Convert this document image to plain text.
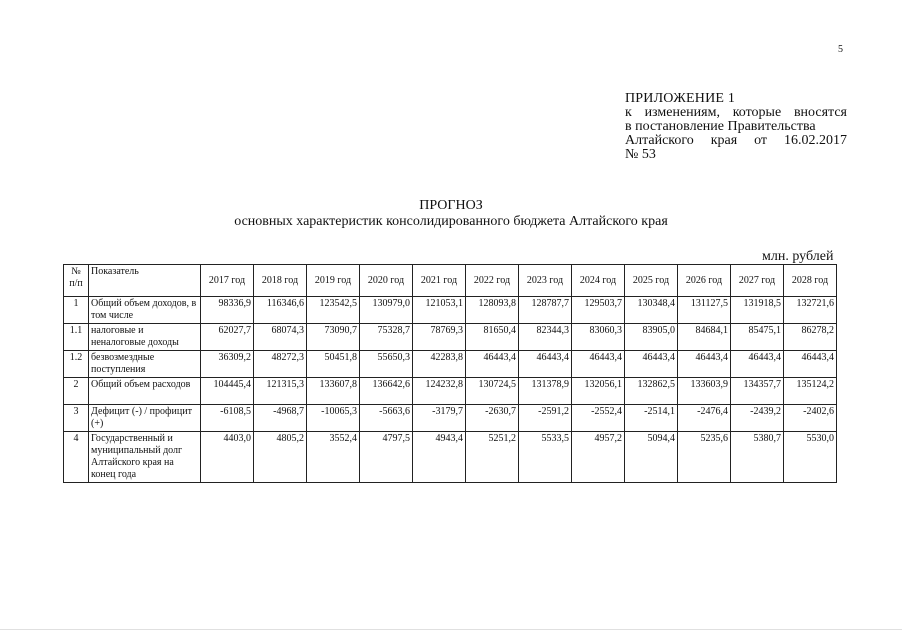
5
ПРИЛОЖЕНИЕ 1
к изменениям, которые вносятся
в постановление Правительства
Алтайского края от 16.02.2017
№ 53
ПРОГНОЗ
основных характеристик консолидированного бюджета Алтайского края
млн. рублей
№ п/п	Показатель	2017 год	2018 год	2019 год	2020 год	2021 год	2022 год	2023 год	2024 год	2025 год	2026 год	2027 год	2028 год
1	Общий объем доходов, в том числе	98336,9	116346,6	123542,5	130979,0	121053,1	128093,8	128787,7	129503,7	130348,4	131127,5	131918,5	132721,6
1.1	налоговые и неналоговые доходы	62027,7	68074,3	73090,7	75328,7	78769,3	81650,4	82344,3	83060,3	83905,0	84684,1	85475,1	86278,2
1.2	безвозмездные поступления	36309,2	48272,3	50451,8	55650,3	42283,8	46443,4	46443,4	46443,4	46443,4	46443,4	46443,4	46443,4
2	Общий объем расходов	104445,4	121315,3	133607,8	136642,6	124232,8	130724,5	131378,9	132056,1	132862,5	133603,9	134357,7	135124,2
3	Дефицит (-) / профицит (+)	-6108,5	-4968,7	-10065,3	-5663,6	-3179,7	-2630,7	-2591,2	-2552,4	-2514,1	-2476,4	-2439,2	-2402,6
4	Государственный и муниципальный долг Алтайского края на конец года	4403,0	4805,2	3552,4	4797,5	4943,4	5251,2	5533,5	4957,2	5094,4	5235,6	5380,7	5530,0
